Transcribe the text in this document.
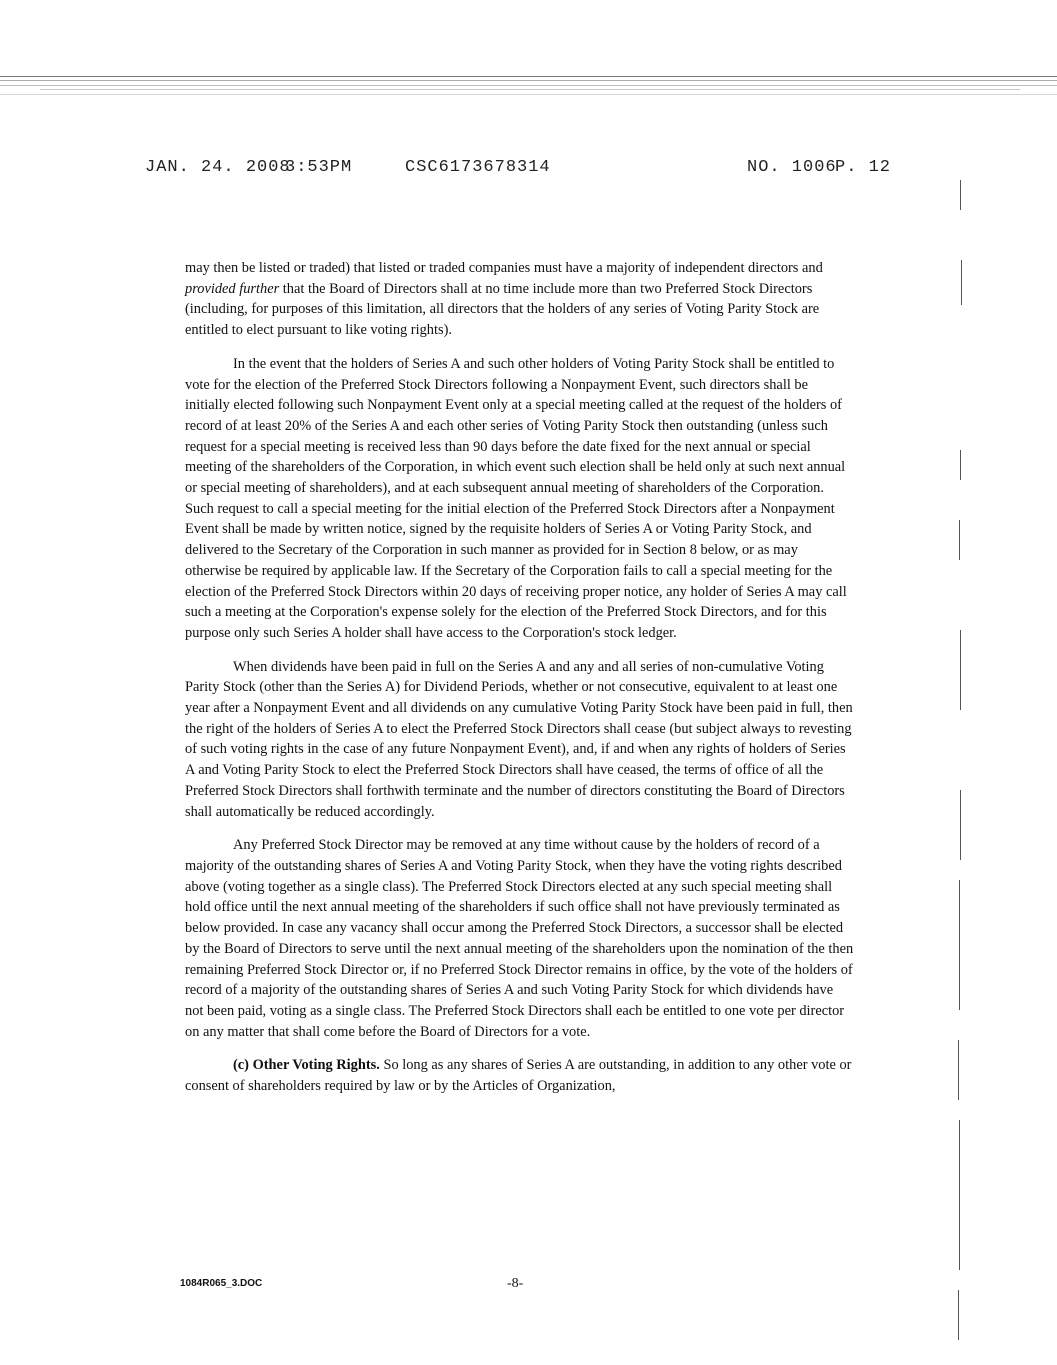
JAN. 24. 2008
3:53PM	CSC6173678314	NO. 1006
P. 12

may then be listed or traded) that listed or traded companies must have a majority of independent directors and provided further that the Board of Directors shall at no time include more than two Preferred Stock Directors (including, for purposes of this limitation, all directors that the holders of any series of Voting Parity Stock are entitled to elect pursuant to like voting rights).

In the event that the holders of Series A and such other holders of Voting Parity Stock shall be entitled to vote for the election of the Preferred Stock Directors following a Nonpayment Event, such directors shall be initially elected following such Nonpayment Event only at a special meeting called at the request of the holders of record of at least 20% of the Series A and each other series of Voting Parity Stock then outstanding (unless such request for a special meeting is received less than 90 days before the date fixed for the next annual or special meeting of the shareholders of the Corporation, in which event such election shall be held only at such next annual or special meeting of shareholders), and at each subsequent annual meeting of shareholders of the Corporation. Such request to call a special meeting for the initial election of the Preferred Stock Directors after a Nonpayment Event shall be made by written notice, signed by the requisite holders of Series A or Voting Parity Stock, and delivered to the Secretary of the Corporation in such manner as provided for in Section 8 below, or as may otherwise be required by applicable law. If the Secretary of the Corporation fails to call a special meeting for the election of the Preferred Stock Directors within 20 days of receiving proper notice, any holder of Series A may call such a meeting at the Corporation's expense solely for the election of the Preferred Stock Directors, and for this purpose only such Series A holder shall have access to the Corporation's stock ledger.

When dividends have been paid in full on the Series A and any and all series of non-cumulative Voting Parity Stock (other than the Series A) for Dividend Periods, whether or not consecutive, equivalent to at least one year after a Nonpayment Event and all dividends on any cumulative Voting Parity Stock have been paid in full, then the right of the holders of Series A to elect the Preferred Stock Directors shall cease (but subject always to revesting of such voting rights in the case of any future Nonpayment Event), and, if and when any rights of holders of Series A and Voting Parity Stock to elect the Preferred Stock Directors shall have ceased, the terms of office of all the Preferred Stock Directors shall forthwith terminate and the number of directors constituting the Board of Directors shall automatically be reduced accordingly.

Any Preferred Stock Director may be removed at any time without cause by the holders of record of a majority of the outstanding shares of Series A and Voting Parity Stock, when they have the voting rights described above (voting together as a single class). The Preferred Stock Directors elected at any such special meeting shall hold office until the next annual meeting of the shareholders if such office shall not have previously terminated as below provided. In case any vacancy shall occur among the Preferred Stock Directors, a successor shall be elected by the Board of Directors to serve until the next annual meeting of the shareholders upon the nomination of the then remaining Preferred Stock Director or, if no Preferred Stock Director remains in office, by the vote of the holders of record of a majority of the outstanding shares of Series A and such Voting Parity Stock for which dividends have not been paid, voting as a single class. The Preferred Stock Directors shall each be entitled to one vote per director on any matter that shall come before the Board of Directors for a vote.

(c) Other Voting Rights. So long as any shares of Series A are outstanding, in addition to any other vote or consent of shareholders required by law or by the Articles of Organization,

1084R065_3.DOC	-8-
